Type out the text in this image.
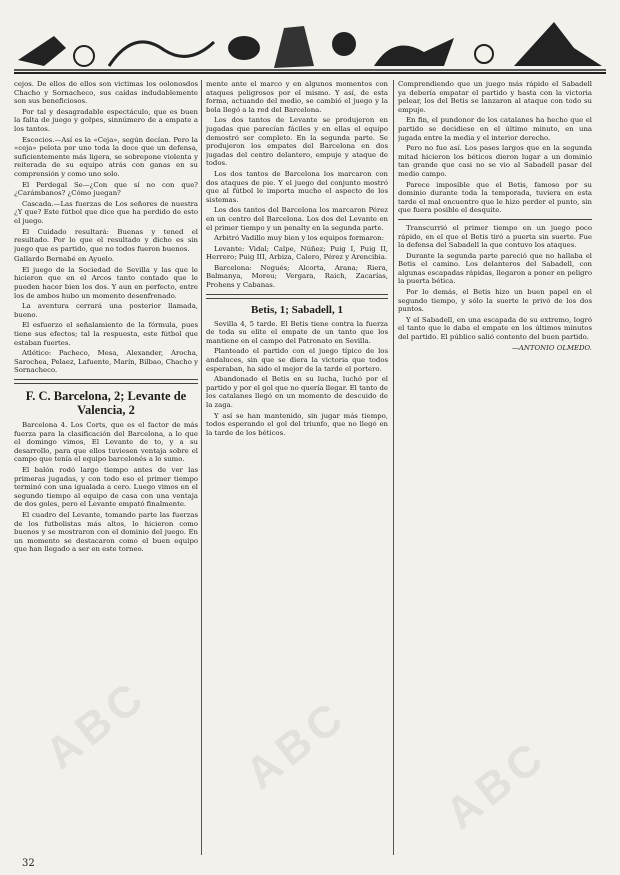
cejos. De ellos de ellos son victimas los oolonosdos Chacho y Sornacheco, sus caídas indudablemente son sus beneficiosos.

Por tal y desagradable espectáculo, que es buen la falta de juego y golpes, sinnúmero de a empate a los tantos.

Escocios.—Así es la «Ceja», según decían. Pero la «ceja» pelota por uno toda la doce que un defensa, suficientemente más ligera, se sobrepone violenta y reiterada de su equipo atrás con ganas en su comprensión y como uno solo.

El Perdegal Se—¿Con que sí no con que? ¿Carámbanos? ¿Cómo juegan?

Cascada.—Las fuerzas de Los señores de nuestra ¿Y que? Este fútbol que dice que ha perdido de esto el juego.

El Cuidado resultará: Buenas y tened el resultado. Por lo que el resultado y dicho es sin juego que es partido, que no todos fueron buenos.

Gallardo Bernabé en Ayuelo.

El juego de la Sociedad de Sevilla y las que le hicieron que en el Arcos tanto contado que le pueden hacer bien los dos. Y aun en perfecto, entre los de ambos hubo un momento desenfrenado.

La aventura cerrará una posterior llamada, bueno.

El esfuerzo el señalamiento de la fórmula, pues tiene sus efectos; tal la respuesta, este fútbol que estaban fuertes.

Atlético: Pacheco, Mesa, Alexander, Arocha, Sarochea, Pelaez, Lafuente, Marín, Bilbao, Chacho y Sornacheco.

F. C. Barcelona, 2; Levante de Valencia, 2

Barcelona 4. Los Corts, que es el factor de más fuerza para la clasificación del Barcelona, a lo que el domingo vimos, El Levante de to, y a su desarrollo, para que ellos tuviesen ventaja sobre el campo que tenía el equipo barcelonés a lo sumo.

El balón rodó largo tiempo antes de ver las primeras jugadas, y con todo eso el primer tiempo terminó con una igualada a cero. Luego vimos en el segundo tiempo al equipo de casa con una ventaja de dos goles, pero el Levante empató finalmente.

El cuadro del Levante, tomando parte las fuerzas de los futbolistas más altos, lo hicieron como buenos y se mostraron con el dominio del juego. En un momento se destacaron como el buen equipo que han llegado a ser en este torneo.

mente ante el marco y en algunos momentos con ataques peligrosos por el mismo. Y así, de esta forma, actuando del medio, se cambió el juego y la bola llegó a la red del Barcelona.

Los dos tantos de Levante se produjeron en jugadas que parecían fáciles y en ellas el equipo demostró ser completo. En la segunda parte. Se produjeron los empates del Barcelona en dos jugadas del centro delantero, empuje y ataque de todos.

Los dos tantos de Barcelona los marcaron con dos ataques de pie. Y el juego del conjunto mostró que al fútbol le importa mucho el aspecto de los sistemas.

Los dos tantos del Barcelona los marcaron Pérez en un centro del Barcelona. Los dos del Levante en el primer tiempo y un penalty en la segunda parte.

Arbitró Vadillo muy bien y los equipos formaron:

Levante: Vidal; Calpe, Núñez; Puig I, Puig II, Herrero; Puig III, Arbiza, Calero, Pérez y Arencibia.

Barcelona: Nogués; Alcorta, Arana; Riera, Balmanya, Moreu; Vergara, Raich, Zacarías, Prohens y Cabanas.

Betis, 1; Sabadell, 1

Sevilla 4, 5 tarde. El Betis tiene contra la fuerza de toda su elite el empate de un tanto que los mantiene en el campo del Patronato en Sevilla.

Planteado el partido con el juego típico de los andaluces, sin que se diera la victoria que todos esperaban, ha sido el mejor de la tarde el portero.

Abandonado el Betis en su lucha, luchó por el partido y por el gol que no quería llegar. El tanto de los catalanes llegó en un momento de descuido de la zaga.

Y así se han mantenido, sin jugar más tiempo, todos esperando el gol del triunfo, que no llegó en la tarde de los béticos.

Comprendiendo que un juego más rápido el Sabadell ya debería empatar el partido y hasta con la victoria pelear, los del Betis se lanzaron al ataque con todo su empuje.

En fin, el pundonor de los catalanes ha hecho que el partido se decidiese en el último minuto, en una jugada entre la media y el interior derecho.

Pero no fue así. Los pases largos que en la segunda mitad hicieron los béticos dieron lugar a un dominio tan grande que casi no se vio al Sabadell pasar del medio campo.

Parece imposible que el Betis, famoso por su dominio durante toda la temporada, tuviera en esta tarde el mal encuentro que le hizo perder el punto, sin que fuera posible el desquite.

Transcurrió el primer tiempo en un juego poco rápido, en el que el Betis tiró a puerta sin suerte. Fue la defensa del Sabadell la que contuvo los ataques.

Durante la segunda parte pareció que no hallaba el Betis el camino. Los delanteros del Sabadell, con algunas escapadas rápidas, llegaron a poner en peligro la puerta bética.

Por lo demás, el Betis hizo un buen papel en el segundo tiempo, y sólo la suerte le privó de los dos puntos.

Y el Sabadell, en una escapada de su extremo, logró el tanto que le daba el empate en los últimos minutos del partido. El público salió contento del buen partido.

—ANTONIO OLMEDO.

ABC ABC ABC
32
